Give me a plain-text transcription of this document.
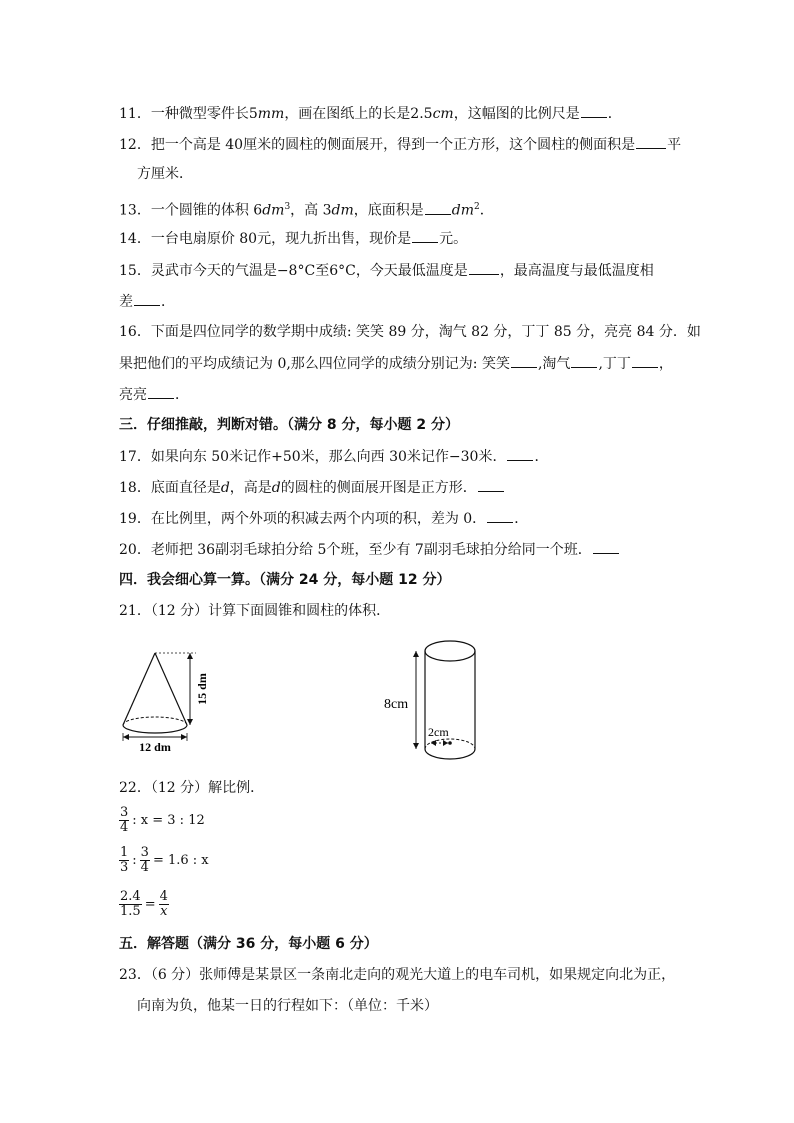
11．一种微型零件长5mm，画在图纸上的长是2.5cm，这幅图的比例尺是 ．
12．把一个高是 40厘米的圆柱的侧面展开，得到一个正方形，这个圆柱的侧面积是 平
方厘米．
13．一个圆锥的体积 $6dm^3$，高 3dm，底面积是 $dm^2$．
14．一台电扇原价 80元，现九折出售，现价是 元。
15．灵武市今天的气温是−8°C至6°C，今天最低温度是 ，最高温度与最低温度相
差 ．
16．下面是四位同学的数学期中成绩: 笑笑 89 分，淘气 82 分，丁丁 85 分，亮亮 84 分．如
果把他们的平均成绩记为 0,那么四位同学的成绩分别记为: 笑笑 ,淘气 ,丁丁 ，
亮亮 ．
三．仔细推敲，判断对错。（满分 8 分，每小题 2 分）
17．如果向东 50米记作+50米，那么向西 30米记作−30米． ．
18．底面直径是d，高是d的圆柱的侧面展开图是正方形．
19．在比例里，两个外项的积减去两个内项的积，差为 0． ．
20．老师把 36副羽毛球拍分给 5个班，至少有 7副羽毛球拍分给同一个班．
四．我会细心算一算。（满分 24 分，每小题 12 分）
21．（12 分）计算下面圆锥和圆柱的体积．
15 dm
12 dm
8cm
2cm
22．（12 分）解比例．
$\frac{3}{4}$ : x = 3 : 12
$\frac{1}{3}$ : $\frac{3}{4} = 1.6$ : x
$\frac{2.4}{1.5} = \frac{4}{x}$
五．解答题（满分 36 分，每小题 6 分）
23．（6 分）张师傅是某景区一条南北走向的观光大道上的电车司机，如果规定向北为正，
向南为负，他某一日的行程如下：（单位：千米）
